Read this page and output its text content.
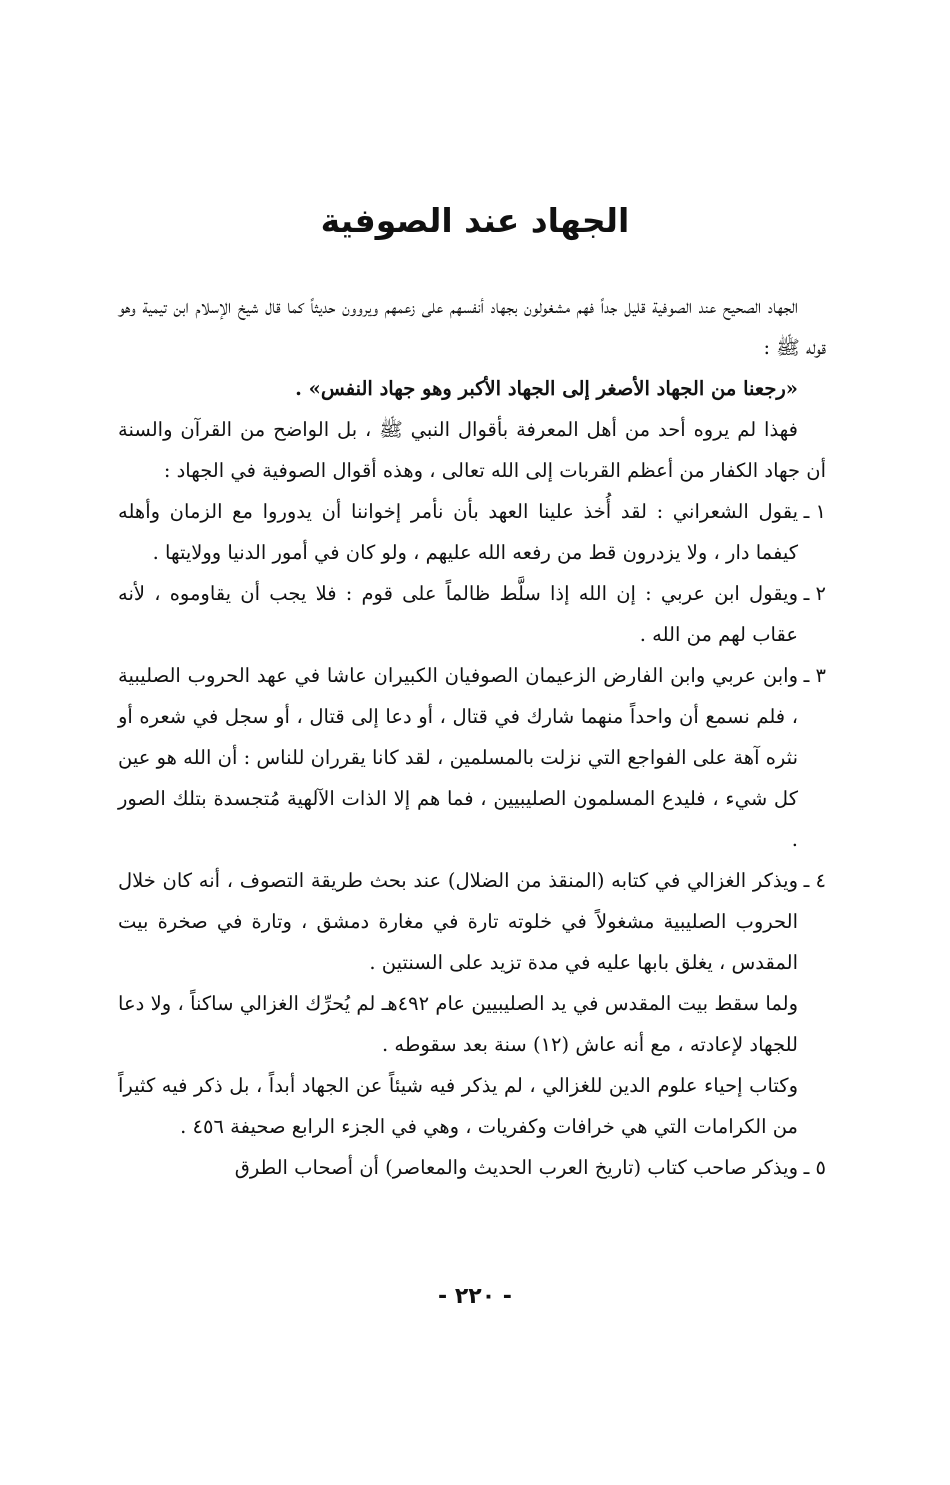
الجهاد عند الصوفية

الجهاد الصحيح عند الصوفية قليل جداً فهم مشغولون بجهاد أنفسهم على زعمهم ويروون حديثاً كما قال شيخ الإسلام ابن تيمية وهو قوله ﷺ :

«رجعنا من الجهاد الأصغر إلى الجهاد الأكبر وهو جهاد النفس» .

فهذا لم يروه أحد من أهل المعرفة بأقوال النبي ﷺ ، بل الواضح من القرآن والسنة أن جهاد الكفار من أعظم القربات إلى الله تعالى ، وهذه أقوال الصوفية في الجهاد :

١ ـيقول الشعراني : لقد أُخذ علينا العهد بأن نأمر إخواننا أن يدوروا مع الزمان وأهله كيفما دار ، ولا يزدرون قط من رفعه الله عليهم ، ولو كان في أمور الدنيا وولايتها .

٢ ـويقول ابن عربي : إن الله إذا سلَّط ظالماً على قوم : فلا يجب أن يقاوموه ، لأنه عقاب لهم من الله .

٣ ـوابن عربي وابن الفارض الزعيمان الصوفيان الكبيران عاشا في عهد الحروب الصليبية ، فلم نسمع أن واحداً منهما شارك في قتال ، أو دعا إلى قتال ، أو سجل في شعره أو نثره آهة على الفواجع التي نزلت بالمسلمين ، لقد كانا يقرران للناس : أن الله هو عين كل شيء ، فليدع المسلمون الصليبيين ، فما هم إلا الذات الآلهية مُتجسدة بتلك الصور .

٤ ـويذكر الغزالي في كتابه (المنقذ من الضلال) عند بحث طريقة التصوف ، أنه كان خلال الحروب الصليبية مشغولاً في خلوته تارة في مغارة دمشق ، وتارة في صخرة بيت المقدس ، يغلق بابها عليه في مدة تزيد على السنتين .

ولما سقط بيت المقدس في يد الصليبيين عام ٤٩٢هـ لم يُحرِّك الغزالي ساكناً ، ولا دعا للجهاد لإعادته ، مع أنه عاش (١٢) سنة بعد سقوطه .

وكتاب إحياء علوم الدين للغزالي ، لم يذكر فيه شيئاً عن الجهاد أبداً ، بل ذكر فيه كثيراً من الكرامات التي هي خرافات وكفريات ، وهي في الجزء الرابع صحيفة ٤٥٦ .

٥ ـويذكر صاحب كتاب (تاريخ العرب الحديث والمعاصر) أن أصحاب الطرق

- ٢٢٠ -
